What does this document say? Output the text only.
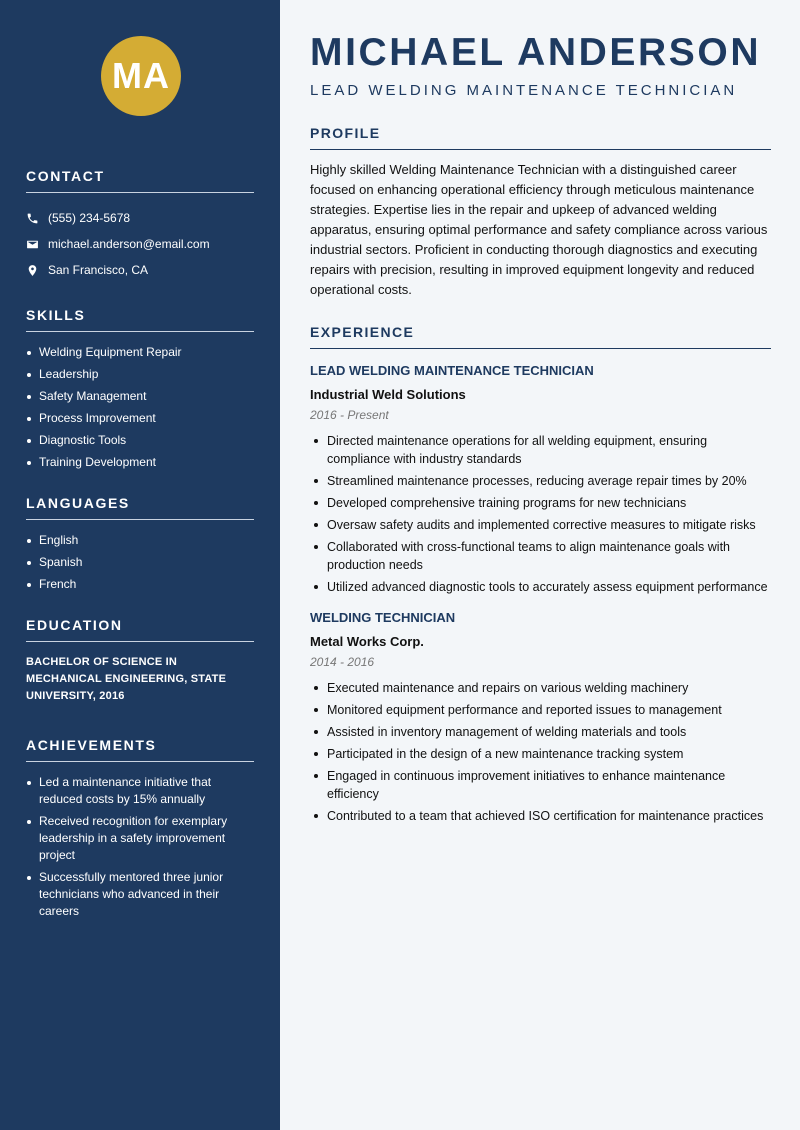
MA
CONTACT
(555) 234-5678
michael.anderson@email.com
San Francisco, CA
SKILLS
Welding Equipment Repair
Leadership
Safety Management
Process Improvement
Diagnostic Tools
Training Development
LANGUAGES
English
Spanish
French
EDUCATION

BACHELOR OF SCIENCE IN MECHANICAL ENGINEERING, STATE UNIVERSITY, 2016

ACHIEVEMENTS
Led a maintenance initiative that reduced costs by 15% annually
Received recognition for exemplary leadership in a safety improvement project
Successfully mentored three junior technicians who advanced in their careers
MICHAEL ANDERSON
LEAD WELDING MAINTENANCE TECHNICIAN
PROFILE

Highly skilled Welding Maintenance Technician with a distinguished career focused on enhancing operational efficiency through meticulous maintenance strategies. Expertise lies in the repair and upkeep of advanced welding apparatus, ensuring optimal performance and safety compliance across various industrial sectors. Proficient in conducting thorough diagnostics and executing repairs with precision, resulting in improved equipment longevity and reduced operational costs.

EXPERIENCE
LEAD WELDING MAINTENANCE TECHNICIAN
Industrial Weld Solutions
2016 - Present
Directed maintenance operations for all welding equipment, ensuring compliance with industry standards
Streamlined maintenance processes, reducing average repair times by 20%
Developed comprehensive training programs for new technicians
Oversaw safety audits and implemented corrective measures to mitigate risks
Collaborated with cross-functional teams to align maintenance goals with production needs
Utilized advanced diagnostic tools to accurately assess equipment performance
WELDING TECHNICIAN
Metal Works Corp.
2014 - 2016
Executed maintenance and repairs on various welding machinery
Monitored equipment performance and reported issues to management
Assisted in inventory management of welding materials and tools
Participated in the design of a new maintenance tracking system
Engaged in continuous improvement initiatives to enhance maintenance efficiency
Contributed to a team that achieved ISO certification for maintenance practices
